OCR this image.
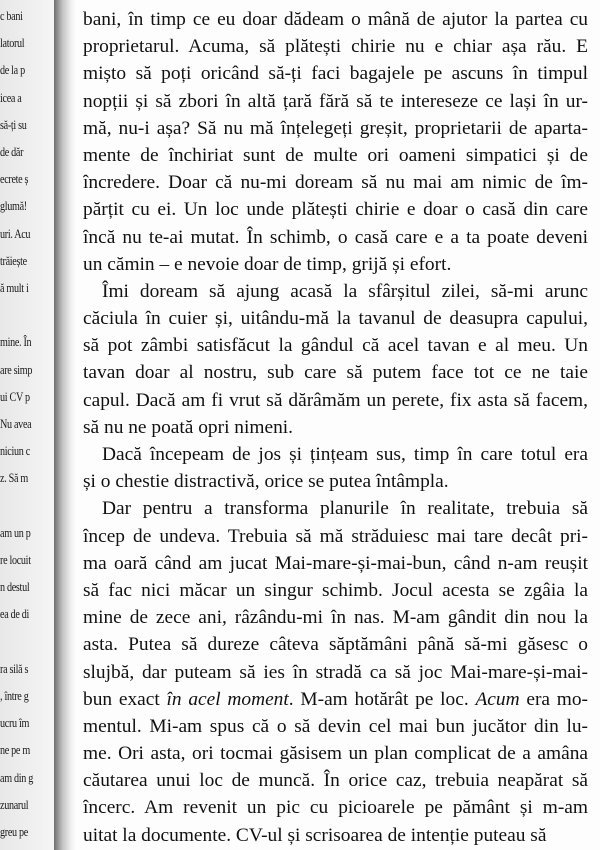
c bani
latorul
de la p
icea a
să-ți su
de dăr
ecrete ș
glumă!
uri. Acu
trăiește
ă mult i
mine. În
are simp
ui CV p
Nu avea
niciun c
z. Să m
am un p
re locuit
n destul
ea de di
ra silă s
, între g
ucru îm
ne pe m
am din g
zunarul
greu pe
bani, în timp ce eu doar dădeam o mână de ajutor la partea cu
proprietarul. Acuma, să plătești chirie nu e chiar așa rău. E
mișto să poți oricând să-ți faci bagajele pe ascuns în timpul
nopții și să zbori în altă țară fără să te intereseze ce lași în ur-
mă, nu-i așa? Să nu mă înțelegeți greșit, proprietarii de aparta-
mente de închiriat sunt de multe ori oameni simpatici și de
încredere. Doar că nu-mi doream să nu mai am nimic de îm-
părțit cu ei. Un loc unde plătești chirie e doar o casă din care
încă nu te-ai mutat. În schimb, o casă care e a ta poate deveni
un cămin – e nevoie doar de timp, grijă și efort.
Îmi doream să ajung acasă la sfârșitul zilei, să-mi arunc
căciula în cuier și, uitându-mă la tavanul de deasupra capului,
să pot zâmbi satisfăcut la gândul că acel tavan e al meu. Un
tavan doar al nostru, sub care să putem face tot ce ne taie
capul. Dacă am fi vrut să dărâmăm un perete, fix asta să facem,
să nu ne poată opri nimeni.
Dacă începeam de jos și țințeam sus, timp în care totul era
și o chestie distractivă, orice se putea întâmpla.
Dar pentru a transforma planurile în realitate, trebuia să
încep de undeva. Trebuia să mă străduiesc mai tare decât pri-
ma oară când am jucat Mai-mare-și-mai-bun, când n-am reușit
să fac nici măcar un singur schimb. Jocul acesta se zgâia la
mine de zece ani, râzându-mi în nas. M-am gândit din nou la
asta. Putea să dureze câteva săptămâni până să-mi găsesc o
slujbă, dar puteam să ies în stradă ca să joc Mai-mare-și-mai-
bun exact în acel moment. M-am hotărât pe loc. Acum era mo-
mentul. Mi-am spus că o să devin cel mai bun jucător din lu-
me. Ori asta, ori tocmai găsisem un plan complicat de a amâna
căutarea unui loc de muncă. În orice caz, trebuia neapărat să
încerc. Am revenit un pic cu picioarele pe pământ și m-am
uitat la documente. CV-ul și scrisoarea de intenție puteau să
